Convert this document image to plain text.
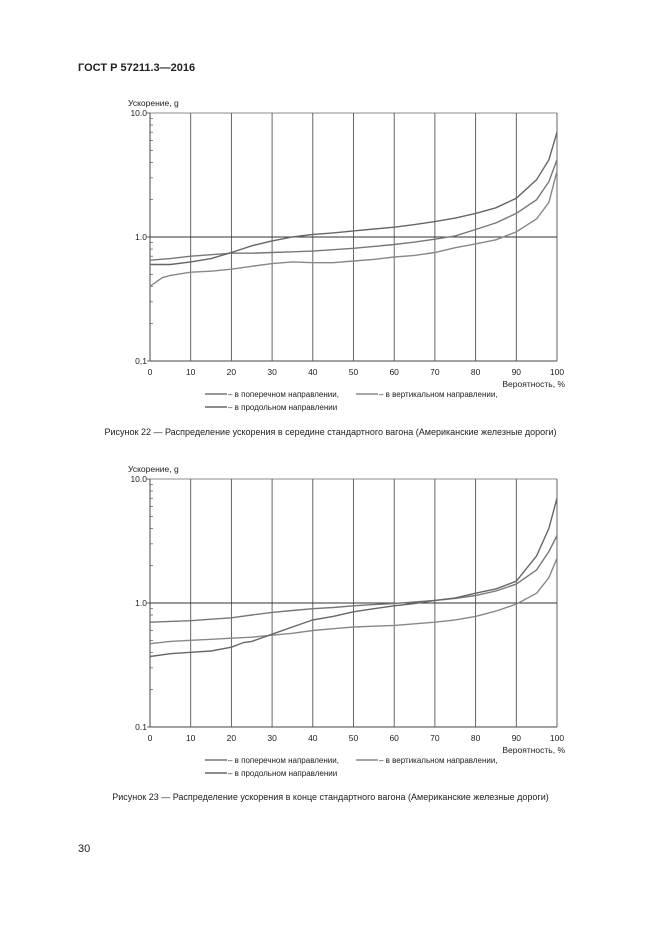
ГОСТ Р 57211.3—2016
0	10	20	30	40	50	60	70	80	90	100
10.0
1.0
0,1
Ускорение, g
Вероятность, %
– в поперечном направлении,	– в вертикальном направлении,
– в продольном направлении
Рисунок 22 — Распределение ускорения в середине стандартного вагона (Американские железные дороги)
0	10	20	30	40	50	60	70	80	90	100
10.0
1.0
0.1
Ускорение, g
Вероятность, %
– в поперечном направлении,	– в вертикальном направлении,
– в продольном направлении
Рисунок 23 — Распределение ускорения в конце стандартного вагона (Американские железные дороги)
30
